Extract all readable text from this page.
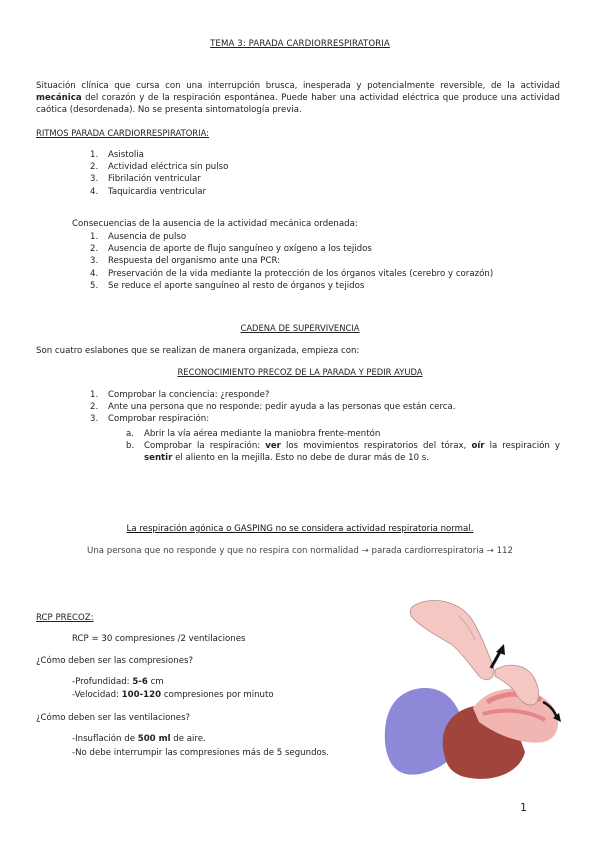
TEMA 3: PARADA CARDIORRESPIRATORIA

Situación clínica que cursa con una interrupción brusca, inesperada y potencialmente reversible, de la actividad mecánica del corazón y de la respiración espontánea. Puede haber una actividad eléctrica que produce una actividad caótica (desordenada). No se presenta sintomatología previa.

RITMOS PARADA CARDIORRESPIRATORIA:
1. Asistolia
2. Actividad eléctrica sin pulso
3. Fibrilación ventricular
4. Taquicardia ventricular
Consecuencias de la ausencia de la actividad mecánica ordenada:
1. Ausencia de pulso
2. Ausencia de aporte de flujo sanguíneo y oxígeno a los tejidos
3. Respuesta del organismo ante una PCR:
4. Preservación de la vida mediante la protección de los órganos vitales (cerebro y corazón)
5. Se reduce el aporte sanguíneo al resto de órganos y tejidos
CADENA DE SUPERVIVENCIA
Son cuatro eslabones que se realizan de manera organizada, empieza con:
RECONOCIMIENTO PRECOZ DE LA PARADA Y PEDIR AYUDA
1. Comprobar la conciencia: ¿responde?
2. Ante una persona que no responde: pedir ayuda a las personas que están cerca.
3. Comprobar respiración:
a. Abrir la vía aérea mediante la maniobra frente-mentón
b. Comprobar la respiración: ver los movimientos respiratorios del tórax, oír la respiración y sentir el aliento en la mejilla. Esto no debe de durar más de 10 s.
La respiración agónica o GASPING no se considera actividad respiratoria normal.
Una persona que no responde y que no respira con normalidad → parada cardiorrespiratoria → 112
RCP PRECOZ:
RCP = 30 compresiones /2 ventilaciones
¿Cómo deben ser las compresiones?
-Profundidad: 5-6 cm
-Velocidad: 100-120 compresiones por minuto
¿Cómo deben ser las ventilaciones?
-Insuflación de 500 ml de aire.
-No debe interrumpir las compresiones más de 5 segundos.
1
